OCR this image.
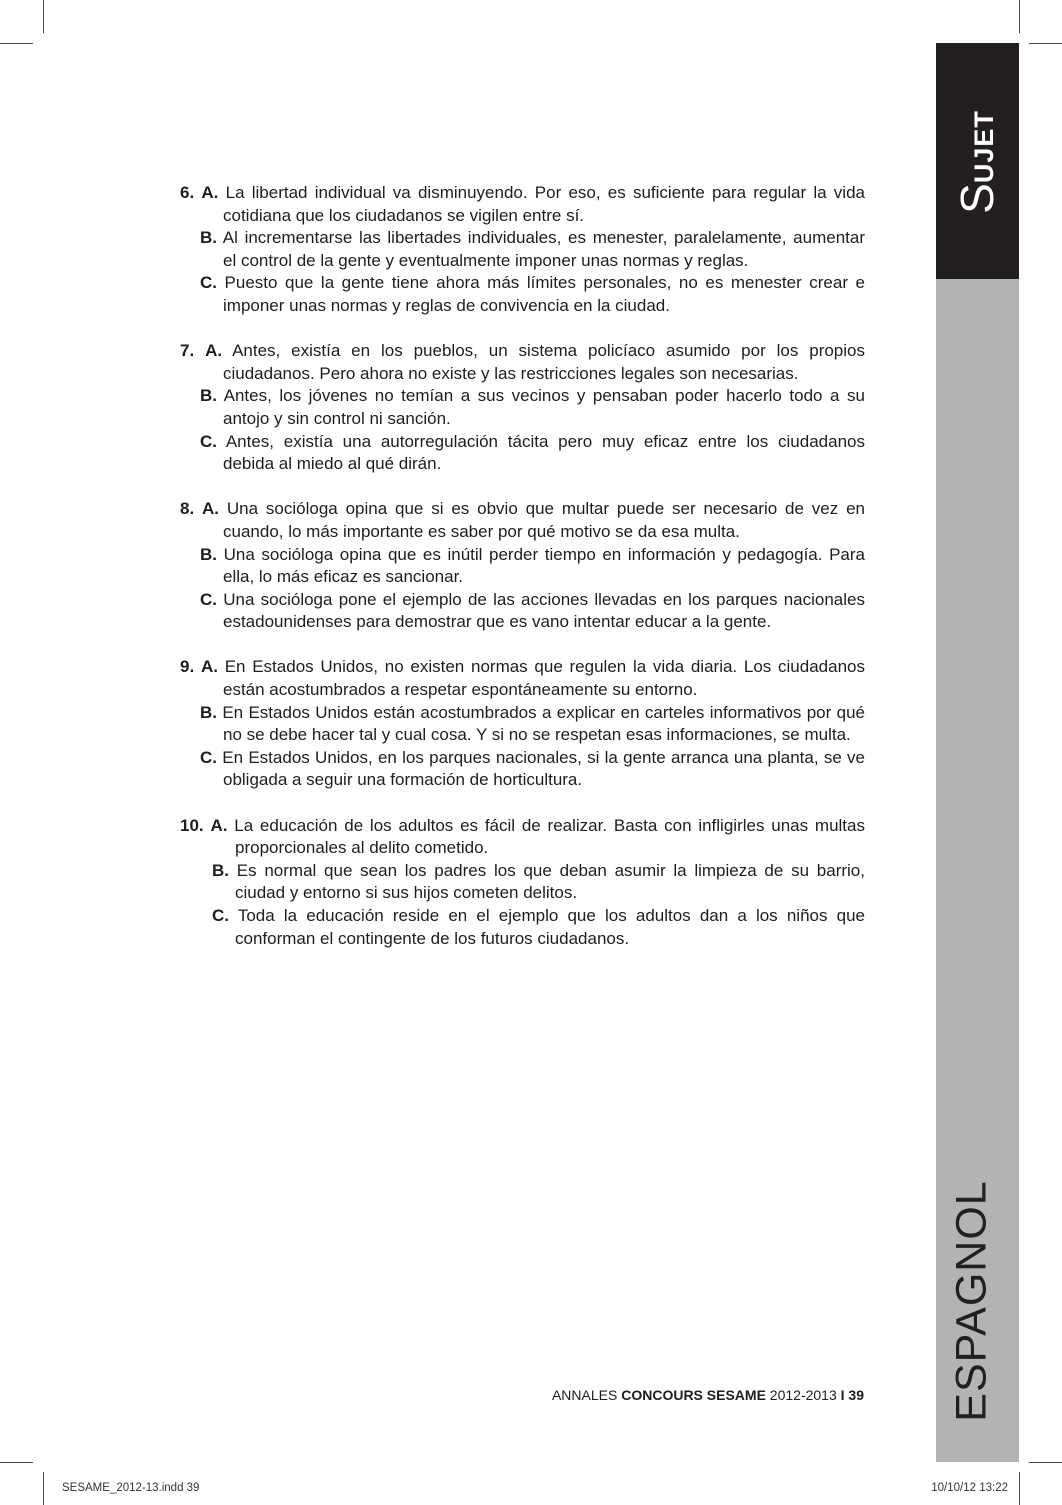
SUJET
ESPAGNOL
6. A. La libertad individual va disminuyendo. Por eso, es suficiente para regular la vida cotidiana que los ciudadanos se vigilen entre sí.
B. Al incrementarse las libertades individuales, es menester, paralelamente, aumentar el control de la gente y eventualmente imponer unas normas y reglas.
C. Puesto que la gente tiene ahora más límites personales, no es menester crear e imponer unas normas y reglas de convivencia en la ciudad.
7. A. Antes, existía en los pueblos, un sistema policíaco asumido por los propios ciudadanos. Pero ahora no existe y las restricciones legales son necesarias.
B. Antes, los jóvenes no temían a sus vecinos y pensaban poder hacerlo todo a su antojo y sin control ni sanción.
C. Antes, existía una autorregulación tácita pero muy eficaz entre los ciudadanos debida al miedo al qué dirán.
8. A. Una socióloga opina que si es obvio que multar puede ser necesario de vez en cuando, lo más importante es saber por qué motivo se da esa multa.
B. Una socióloga opina que es inútil perder tiempo en información y pedagogía. Para ella, lo más eficaz es sancionar.
C. Una socióloga pone el ejemplo de las acciones llevadas en los parques nacionales estadounidenses para demostrar que es vano intentar educar a la gente.
9. A. En Estados Unidos, no existen normas que regulen la vida diaria. Los ciudadanos están acostumbrados a respetar espontáneamente su entorno.
B. En Estados Unidos están acostumbrados a explicar en carteles informativos por qué no se debe hacer tal y cual cosa. Y si no se respetan esas informaciones, se multa.
C. En Estados Unidos, en los parques nacionales, si la gente arranca una planta, se ve obligada a seguir una formación de horticultura.
10. A. La educación de los adultos es fácil de realizar. Basta con infligirles unas multas proporcionales al delito cometido.
B. Es normal que sean los padres los que deban asumir la limpieza de su barrio, ciudad y entorno si sus hijos cometen delitos.
C. Toda la educación reside en el ejemplo que los adultos dan a los niños que conforman el contingente de los futuros ciudadanos.
ANNALES CONCOURS SESAME 2012-2013 I 39
SESAME_2012-13.indd 39	10/10/12 13:22
